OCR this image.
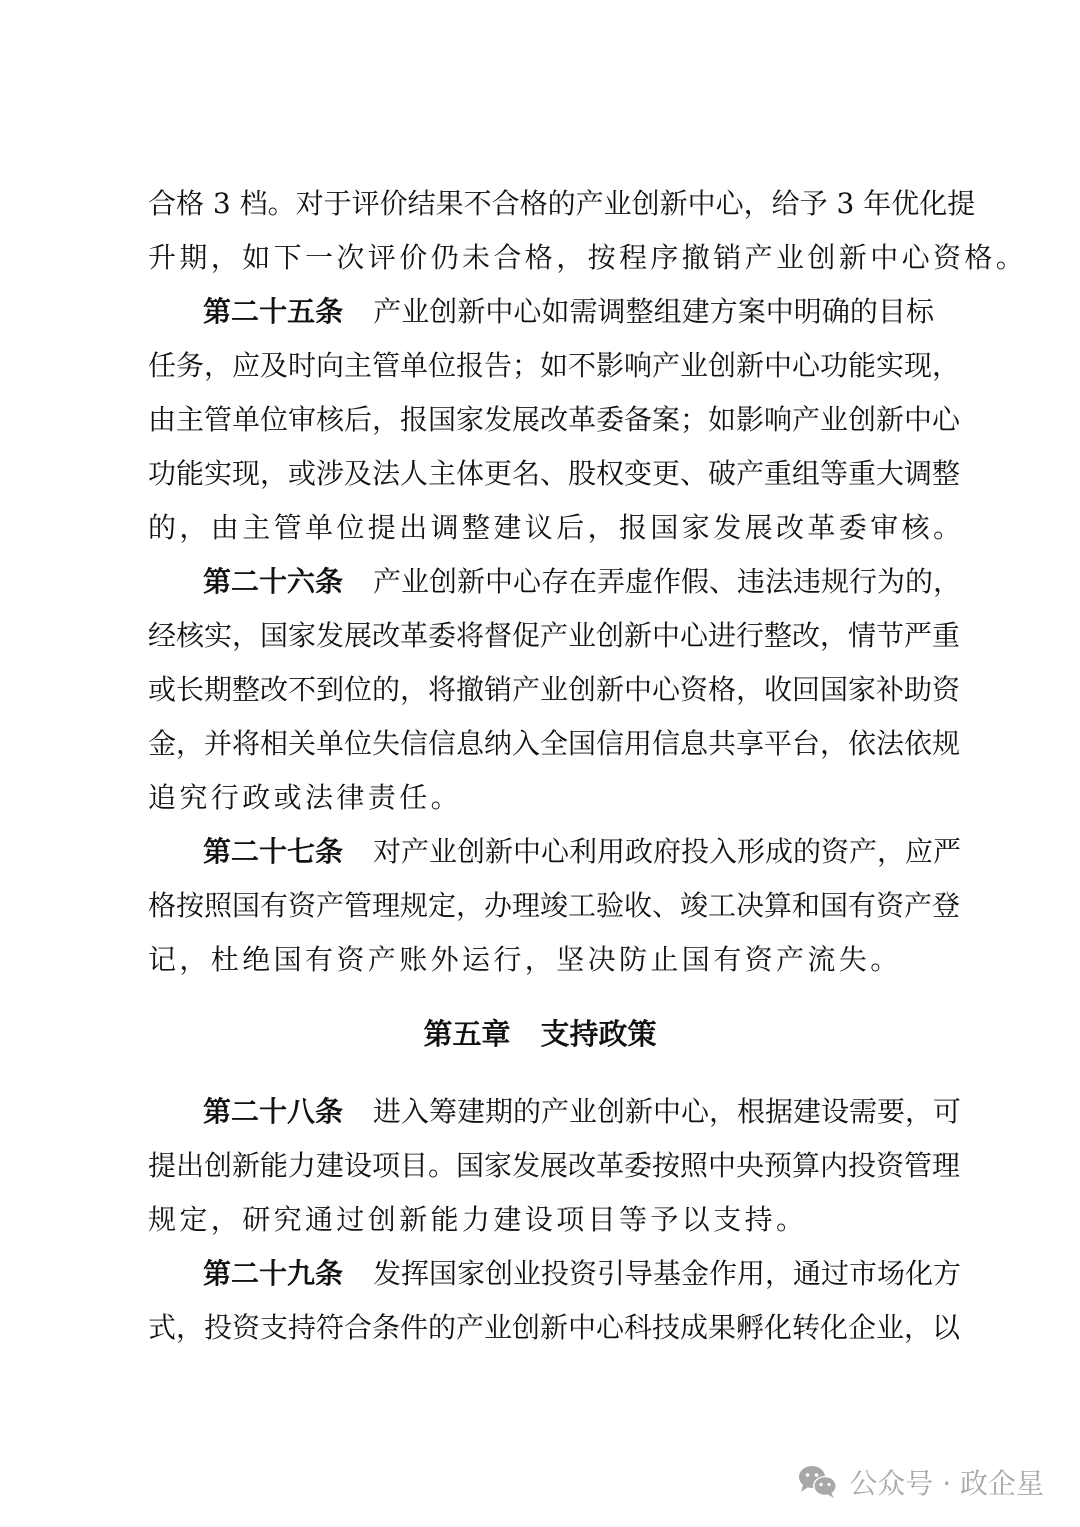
合格 3 档。对于评价结果不合格的产业创新中心，给予 3 年优化提
升期，如下一次评价仍未合格，按程序撤销产业创新中心资格。
第二十五条 产业创新中心如需调整组建方案中明确的目标
任务，应及时向主管单位报告；如不影响产业创新中心功能实现，
由主管单位审核后，报国家发展改革委备案；如影响产业创新中心
功能实现，或涉及法人主体更名、股权变更、破产重组等重大调整
的，由主管单位提出调整建议后，报国家发展改革委审核。
第二十六条 产业创新中心存在弄虚作假、违法违规行为的，
经核实，国家发展改革委将督促产业创新中心进行整改，情节严重
或长期整改不到位的，将撤销产业创新中心资格，收回国家补助资
金，并将相关单位失信信息纳入全国信用信息共享平台，依法依规
追究行政或法律责任。
第二十七条 对产业创新中心利用政府投入形成的资产，应严
格按照国有资产管理规定，办理竣工验收、竣工决算和国有资产登
记，杜绝国有资产账外运行，坚决防止国有资产流失。
第五章 支持政策
第二十八条 进入筹建期的产业创新中心，根据建设需要，可
提出创新能力建设项目。国家发展改革委按照中央预算内投资管理
规定，研究通过创新能力建设项目等予以支持。
第二十九条 发挥国家创业投资引导基金作用，通过市场化方
式，投资支持符合条件的产业创新中心科技成果孵化转化企业，以
公众号 · 政企星
